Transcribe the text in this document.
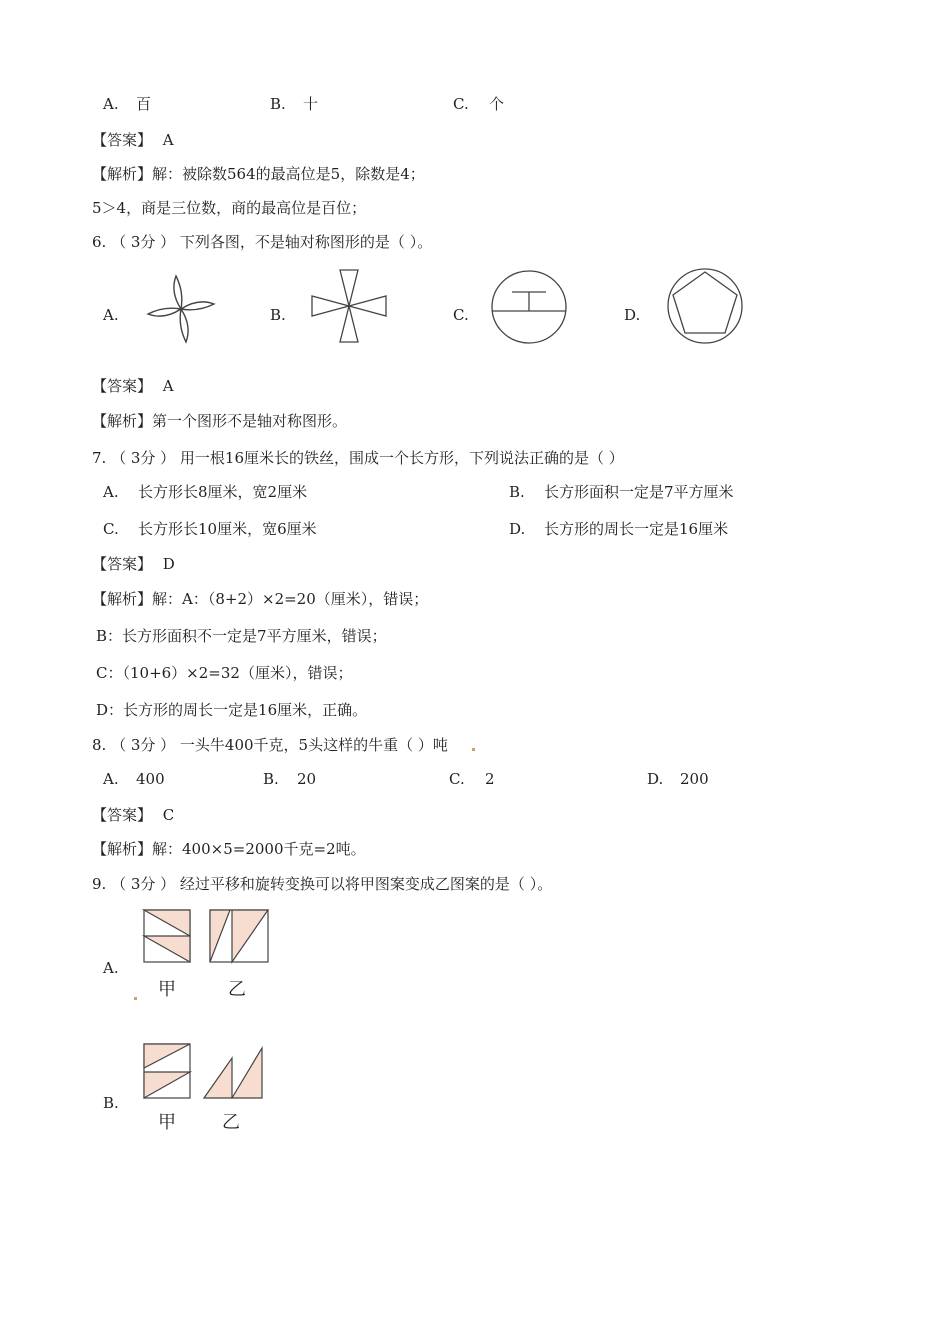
A. 百	B. 十	C. 个
【答案】 A
【解析】解：被除数564的最高位是5，除数是4；
5＞4，商是三位数，商的最高位是百位；
6. （ 3分 ） 下列各图，不是轴对称图形的是（ ）。
A.	B.	C.	D.
【答案】 A
【解析】第一个图形不是轴对称图形。
7. （ 3分 ） 用一根16厘米长的铁丝，围成一个长方形，下列说法正确的是（ ）
A. 长方形长8厘米，宽2厘米	B. 长方形面积一定是7平方厘米
C. 长方形长10厘米，宽6厘米	D. 长方形的周长一定是16厘米
【答案】 D
【解析】解：A：（8+2）×2=20（厘米），错误；
B：长方形面积不一定是7平方厘米，错误；
C：（10+6）×2=32（厘米），错误；
D：长方形的周长一定是16厘米，正确。
8. （ 3分 ） 一头牛400千克，5头这样的牛重（ ）吨
A. 400	B. 20	C. 2	D. 200
【答案】 C
【解析】解：400×5=2000千克=2吨。
9. （ 3分 ） 经过平移和旋转变换可以将甲图案变成乙图案的是（ ）。
A.
甲	乙
B.
甲	乙
